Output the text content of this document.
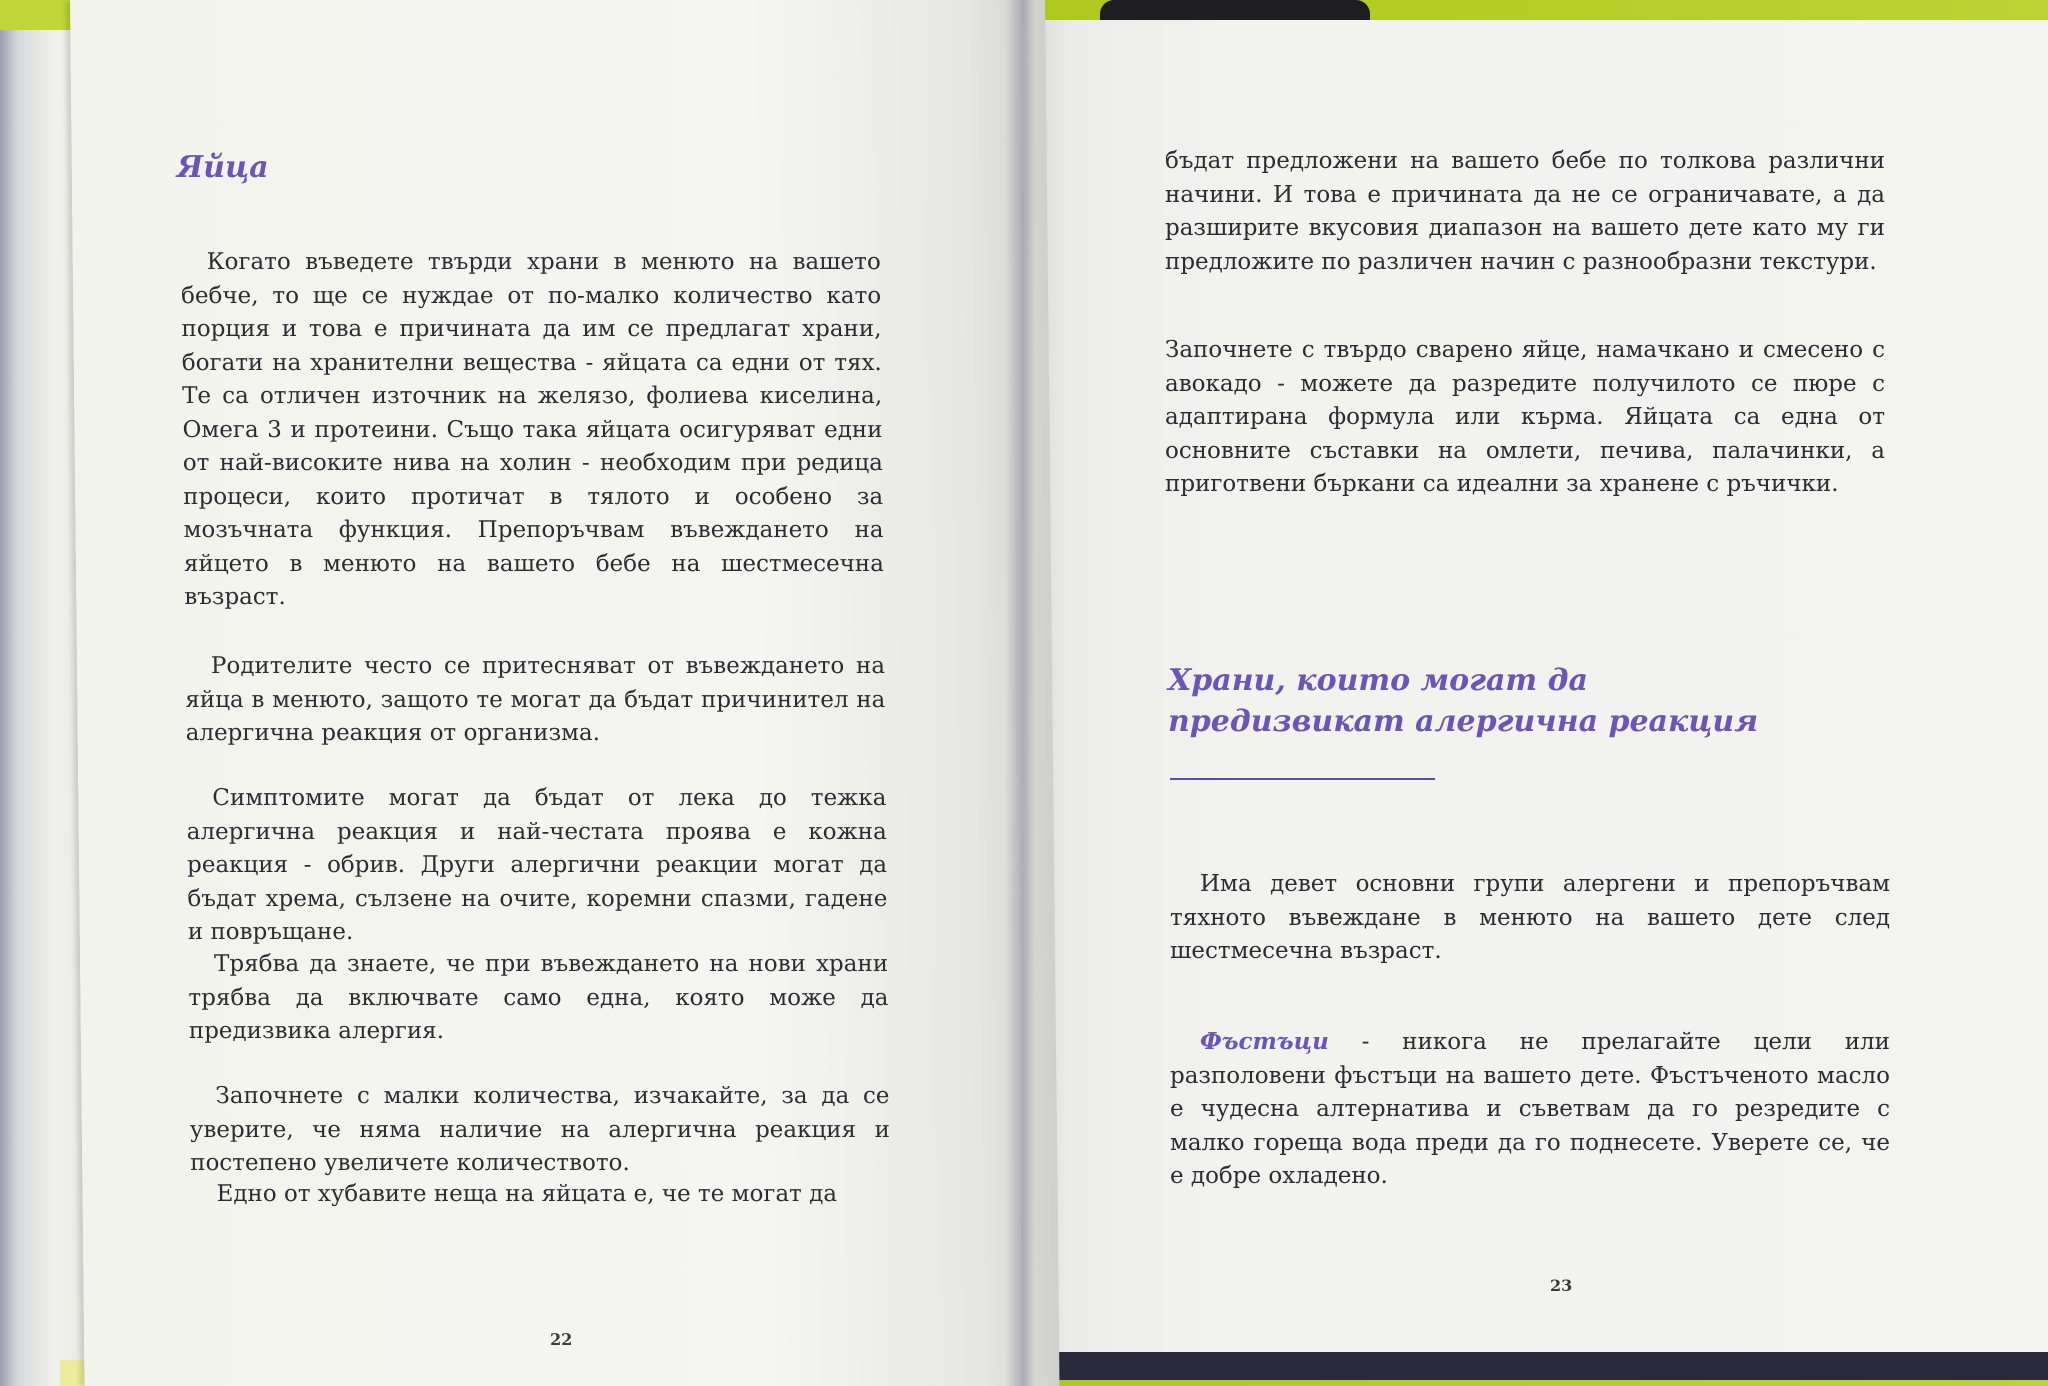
бъдат предложени на вашето бебе по толкова различни начини. И това е причината да не се ограничавате, а да разширите вкусовия диапазон на вашето дете като му ги предложите по различен начин с разнообразни текстури.

Започнете с твърдо сварено яйце, намачкано и смесено с авокадо - можете да разредите получилото се пюре с адаптирана формула или кърма. Яйцата са една от основните съставки на омлети, печива, палачинки, а приготвени бъркани са идеални за хранене с ръчички.

Храни, които могат да
предизвикат алергична реакция

Има девет основни групи алергени и препоръчвам тяхното въвеждане в менюто на вашето дете след шестмесечна възраст.

Фъстъци - никога не прелагайте цели или разполовени фъстъци на вашето дете. Фъстъченото масло е чудесна алтернатива и съветвам да го резредите с малко гореща вода преди да го поднесете. Уверете се, че е добре охладено.

23
Яйца

Когато въведете твърди храни в менюто на вашето бебче, то ще се нуждае от по-малко количество като порция и това е причината да им се предлагат храни, богати на хранителни вещества - яйцата са едни от тях. Те са отличен източник на желязо, фолиева киселина, Омега 3 и протеини. Също така яйцата осигуряват едни от най-високите нива на холин - необходим при редица процеси, които протичат в тялото и особено за мозъчната функция. Препоръчвам въвеждането на яйцето в менюто на вашето бебе на шестмесечна възраст.

Родителите често се притесняват от въвеждането на яйца в менюто, защото те могат да бъдат причинител на алергична реакция от организма.

Симптомите могат да бъдат от лека до тежка алергична реакция и най-честата проява е кожна реакция - обрив. Други алергични реакции могат да бъдат хрема, сълзене на очите, коремни спазми, гадене и повръщане.

Трябва да знаете, че при въвеждането на нови храни трябва да включвате само една, която може да предизвика алергия.

Започнете с малки количества, изчакайте, за да се уверите, че няма наличие на алергична реакция и постепено увеличете количеството.

Едно от хубавите неща на яйцата е, че те могат да

22
